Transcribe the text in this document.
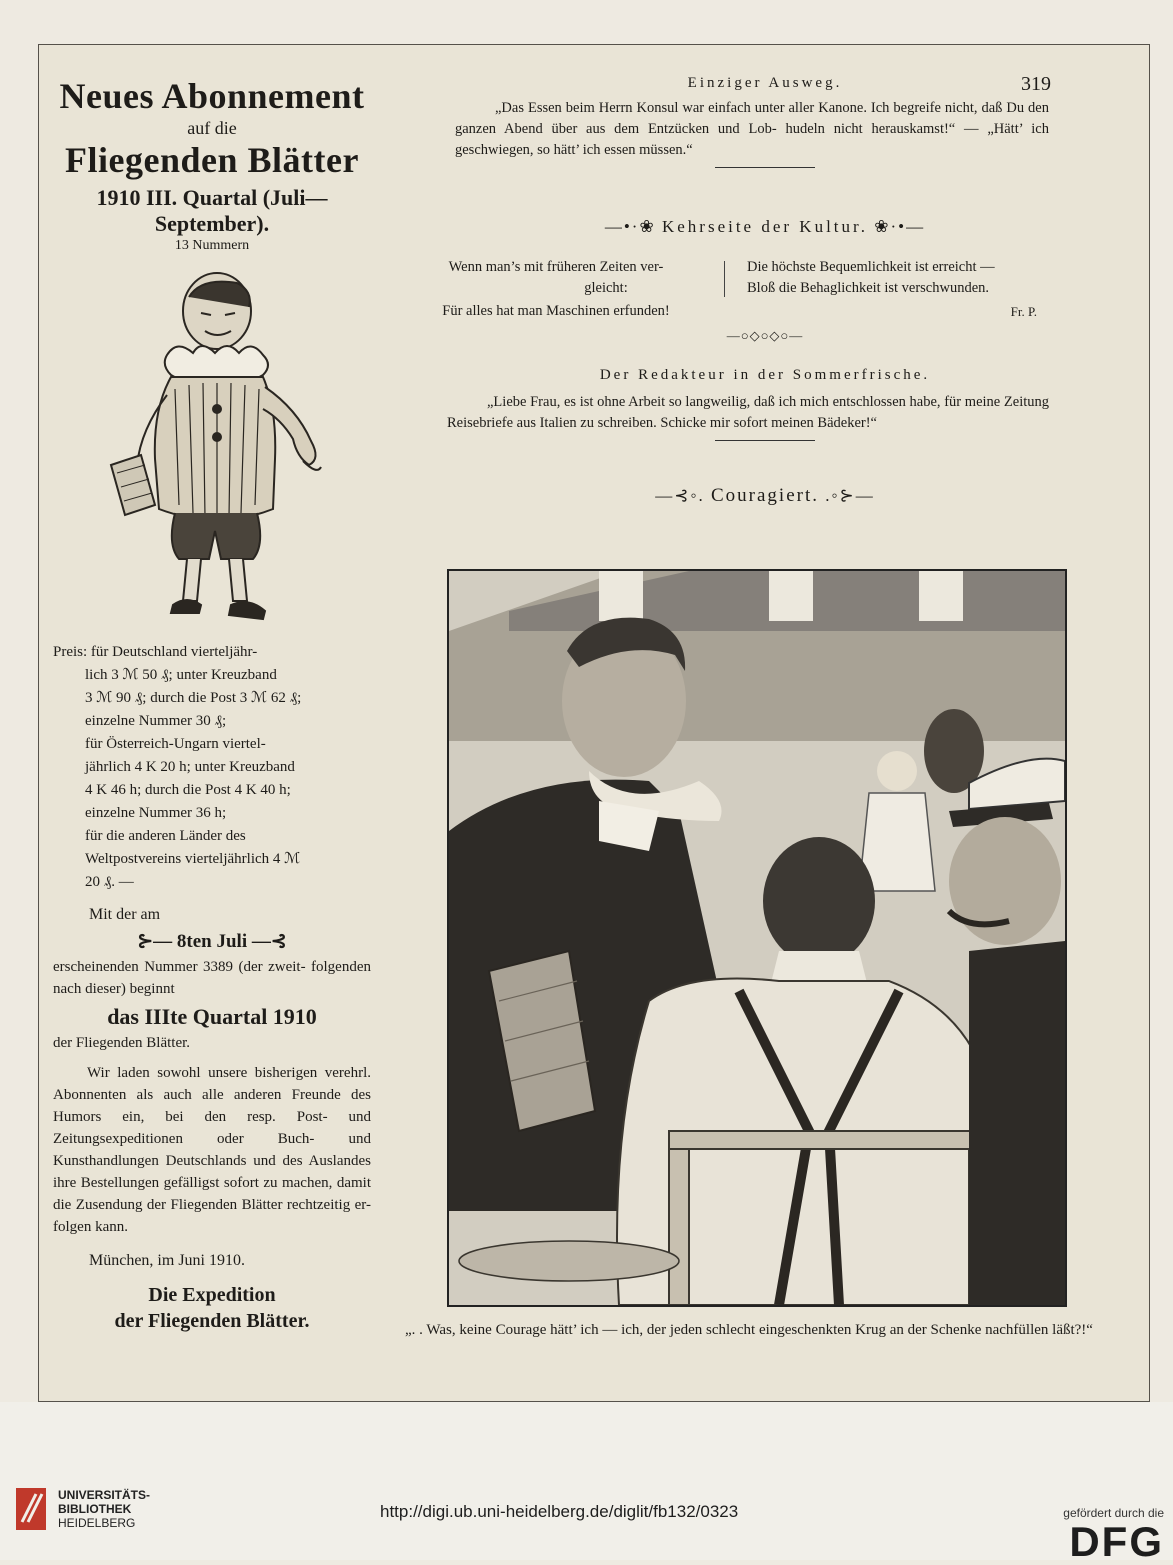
Neues Abonnement
auf die
Fliegenden Blätter
1910 III. Quartal (Juli—September).
13 Nummern

Preis: für Deutschland vierteljähr-

lich 3 ℳ 50 ₰; unter Kreuzband

3 ℳ 90 ₰; durch die Post 3 ℳ 62 ₰;

einzelne Nummer 30 ₰;

für Österreich-Ungarn viertel-

jährlich 4 K 20 h; unter Kreuzband

4 K 46 h; durch die Post 4 K 40 h;

einzelne Nummer 36 h;

für die anderen Länder des

Weltpostvereins vierteljährlich 4 ℳ

20 ₰. —

Mit der am
⊱— 8ten Juli —⊰
erscheinenden Nummer 3389 (der zweit- folgenden nach dieser) beginnt
das IIIte Quartal 1910
der Fliegenden Blätter.
Wir laden sowohl unsere bisherigen verehrl. Abonnenten als auch alle anderen Freunde des Humors ein, bei den resp. Post- und Zeitungsexpeditionen oder Buch- und Kunsthandlungen Deutschlands und des Auslandes ihre Bestellungen gefälligst sofort zu machen, damit die Zusendung der Fliegenden Blätter rechtzeitig er- folgen kann.
München, im Juni 1910.
Die Expedition
der Fliegenden Blätter.
319
Einziger Ausweg.
„Das Essen beim Herrn Konsul war einfach unter aller Kanone. Ich begreife nicht, daß Du den ganzen Abend über aus dem Entzücken und Lob- hudeln nicht herauskamst!“ — „Hätt’ ich geschwiegen, so hätt’ ich essen müssen.“
—•·❀ Kehrseite der Kultur. ❀·•—
Wenn man’s mit früheren Zeiten ver-
gleicht:
Für alles hat man Maschinen erfunden!
Die höchste Bequemlichkeit ist erreicht —
Bloß die Behaglichkeit ist verschwunden.
Fr. P.
—○◇○◇○—
Der Redakteur in der Sommerfrische.
„Liebe Frau, es ist ohne Arbeit so langweilig, daß ich mich entschlossen habe, für meine Zeitung Reisebriefe aus Italien zu schreiben. Schicke mir sofort meinen Bädeker!“
—⊰◦. Couragiert. .◦⊱—
„. . Was, keine Courage hätt’ ich — ich, der jeden schlecht eingeschenkten Krug an der Schenke nachfüllen läßt?!“
UNIVERSITÄTS-
BIBLIOTHEK
HEIDELBERG
http://digi.ub.uni-heidelberg.de/diglit/fb132/0323	gefördert durch die
DFG
